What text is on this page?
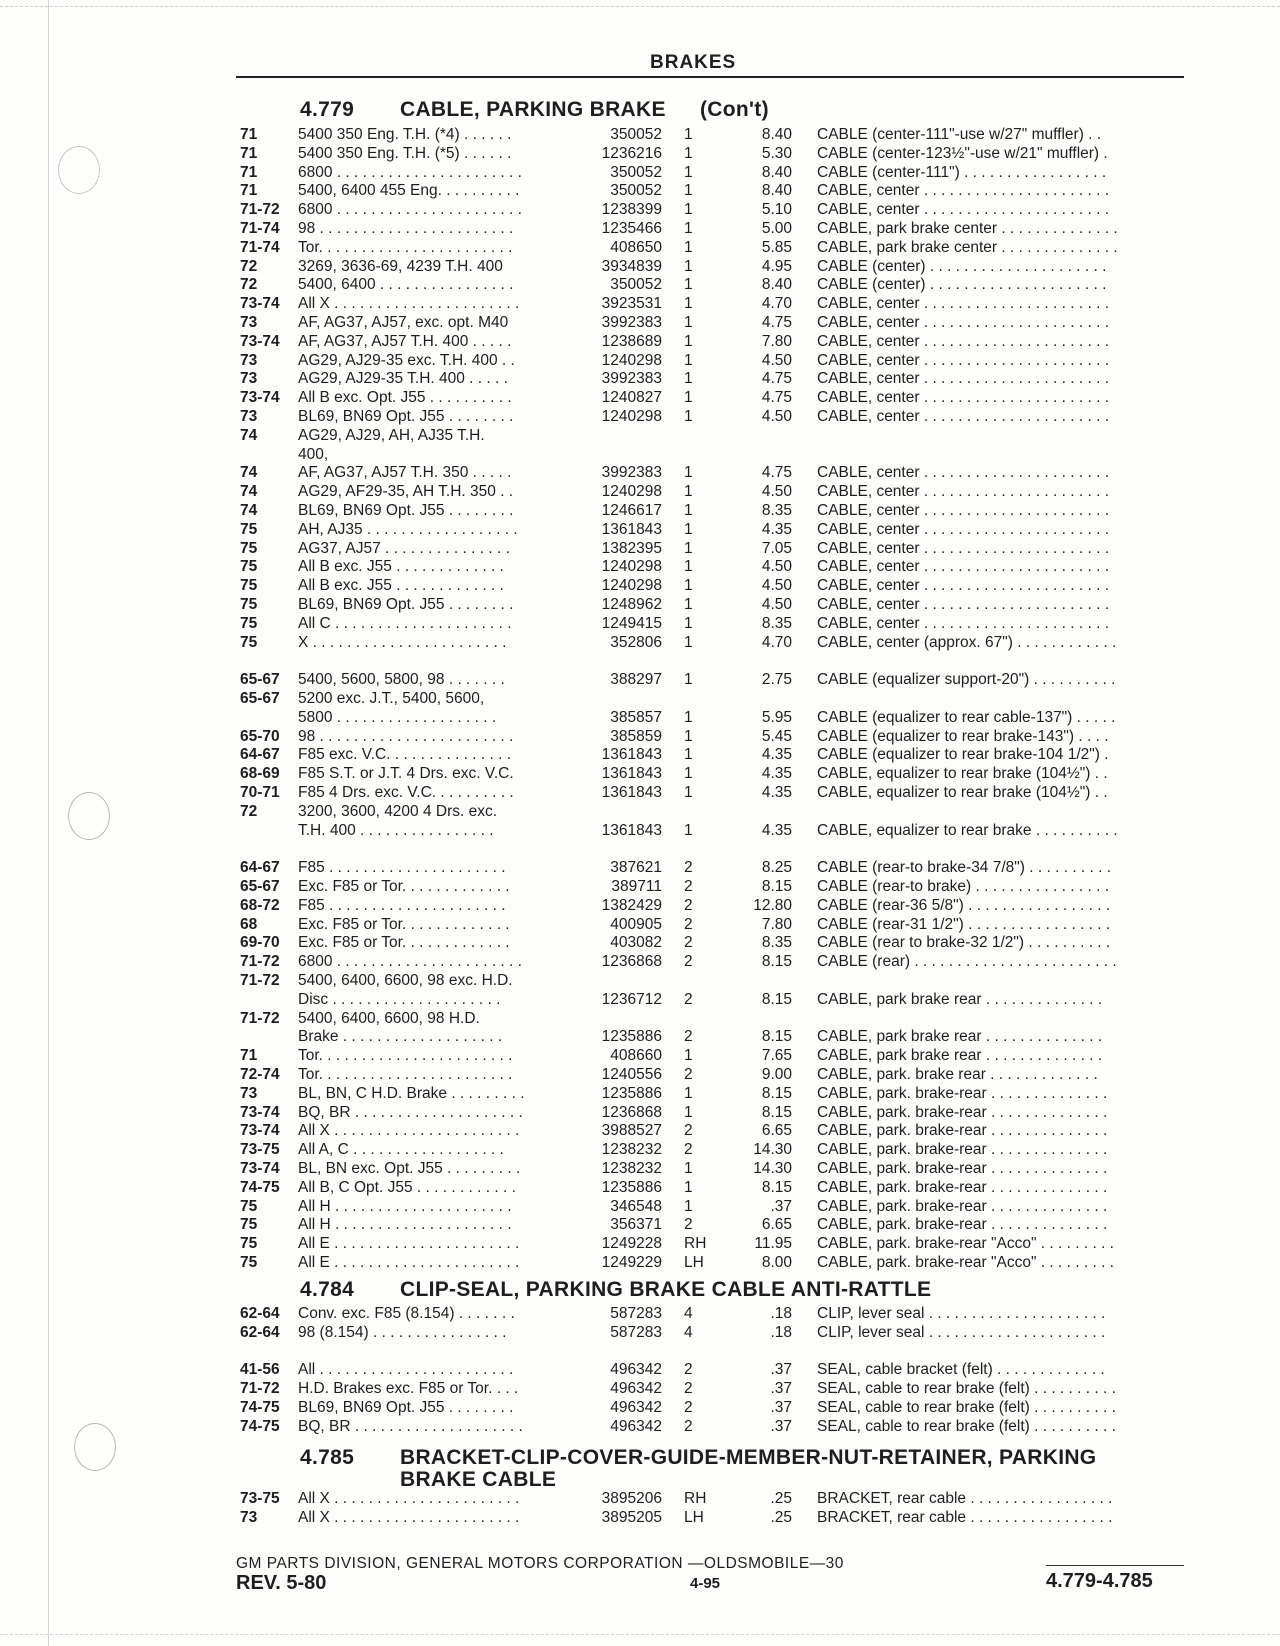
BRAKES
4.779 CABLE, PARKING BRAKE (Con't)
71	5400 350 Eng. T.H. (*4) . . . . . .	350052 1	8.40 CABLE (center-111"-use w/27" muffler) . .
71	5400 350 Eng. T.H. (*5) . . . . . .	1236216 1	5.30 CABLE (center-123½"-use w/21" muffler) .
71	6800 . . . . . . . . . . . . . . . . . . . . . .	350052 1	8.40 CABLE (center-111") . . . . . . . . . . . . . . . . .
71	5400, 6400 455 Eng. . . . . . . . . .	350052 1	8.40 CABLE, center . . . . . . . . . . . . . . . . . . . . . .
71-72 6800 . . . . . . . . . . . . . . . . . . . . . .	1238399 1	5.10 CABLE, center . . . . . . . . . . . . . . . . . . . . . .
71-74 98 . . . . . . . . . . . . . . . . . . . . . . .	1235466 1	5.00 CABLE, park brake center . . . . . . . . . . . . . .
71-74 Tor. . . . . . . . . . . . . . . . . . . . . . .	408650 1	5.85 CABLE, park brake center . . . . . . . . . . . . . .
72	3269, 3636-69, 4239 T.H. 400	3934839 1	4.95 CABLE (center) . . . . . . . . . . . . . . . . . . . . .
72	5400, 6400 . . . . . . . . . . . . . . . .	350052 1	8.40 CABLE (center) . . . . . . . . . . . . . . . . . . . . .
73-74 All X . . . . . . . . . . . . . . . . . . . . . .	3923531 1	4.70 CABLE, center . . . . . . . . . . . . . . . . . . . . . .
73	AF, AG37, AJ57, exc. opt. M40	3992383 1	4.75 CABLE, center . . . . . . . . . . . . . . . . . . . . . .
73-74 AF, AG37, AJ57 T.H. 400 . . . . .	1238689 1	7.80 CABLE, center . . . . . . . . . . . . . . . . . . . . . .
73	AG29, AJ29-35 exc. T.H. 400 . .	1240298 1	4.50 CABLE, center . . . . . . . . . . . . . . . . . . . . . .
73	AG29, AJ29-35 T.H. 400 . . . . .	3992383 1	4.75 CABLE, center . . . . . . . . . . . . . . . . . . . . . .
73-74 All B exc. Opt. J55 . . . . . . . . . .	1240827 1	4.75 CABLE, center . . . . . . . . . . . . . . . . . . . . . .
73	BL69, BN69 Opt. J55 . . . . . . . .	1240298 1	4.50 CABLE, center . . . . . . . . . . . . . . . . . . . . . .
74	AG29, AJ29, AH, AJ35 T.H.
400,
74	AF, AG37, AJ57 T.H. 350 . . . . .	3992383 1	4.75 CABLE, center . . . . . . . . . . . . . . . . . . . . . .
74	AG29, AF29-35, AH T.H. 350 . .	1240298 1	4.50 CABLE, center . . . . . . . . . . . . . . . . . . . . . .
74	BL69, BN69 Opt. J55 . . . . . . . .	1246617 1	8.35 CABLE, center . . . . . . . . . . . . . . . . . . . . . .
75	AH, AJ35 . . . . . . . . . . . . . . . . . .	1361843 1	4.35 CABLE, center . . . . . . . . . . . . . . . . . . . . . .
75	AG37, AJ57 . . . . . . . . . . . . . . .	1382395 1	7.05 CABLE, center . . . . . . . . . . . . . . . . . . . . . .
75	All B exc. J55 . . . . . . . . . . . . .	1240298 1	4.50 CABLE, center . . . . . . . . . . . . . . . . . . . . . .
75	All B exc. J55 . . . . . . . . . . . . .	1240298 1	4.50 CABLE, center . . . . . . . . . . . . . . . . . . . . . .
75	BL69, BN69 Opt. J55 . . . . . . . .	1248962 1	4.50 CABLE, center . . . . . . . . . . . . . . . . . . . . . .
75	All C . . . . . . . . . . . . . . . . . . . . .	1249415 1	8.35 CABLE, center . . . . . . . . . . . . . . . . . . . . . .
75	X . . . . . . . . . . . . . . . . . . . . . . .	352806 1	4.70 CABLE, center (approx. 67") . . . . . . . . . . . .
65-67 5400, 5600, 5800, 98 . . . . . . .	388297 1	2.75 CABLE (equalizer support-20") . . . . . . . . . .
65-67 5200 exc. J.T., 5400, 5600,
5800 . . . . . . . . . . . . . . . . . . .	385857 1	5.95 CABLE (equalizer to rear cable-137") . . . . .
65-70 98 . . . . . . . . . . . . . . . . . . . . . . .	385859 1	5.45 CABLE (equalizer to rear brake-143") . . . .
64-67 F85 exc. V.C. . . . . . . . . . . . . . .	1361843 1	4.35 CABLE (equalizer to rear brake-104 1/2") .
68-69 F85 S.T. or J.T. 4 Drs. exc. V.C.	1361843 1	4.35 CABLE, equalizer to rear brake (104½") . .
70-71 F85 4 Drs. exc. V.C. . . . . . . . . .	1361843 1	4.35 CABLE, equalizer to rear brake (104½") . .
72	3200, 3600, 4200 4 Drs. exc.
T.H. 400 . . . . . . . . . . . . . . . .	1361843 1	4.35 CABLE, equalizer to rear brake . . . . . . . . . .
64-67 F85 . . . . . . . . . . . . . . . . . . . . .	387621 2	8.25 CABLE (rear-to brake-34 7/8") . . . . . . . . . .
65-67 Exc. F85 or Tor. . . . . . . . . . . . .	389711 2	8.15 CABLE (rear-to brake) . . . . . . . . . . . . . . . .
68-72 F85 . . . . . . . . . . . . . . . . . . . . .	1382429 2	12.80 CABLE (rear-36 5/8") . . . . . . . . . . . . . . . . .
68	Exc. F85 or Tor. . . . . . . . . . . . .	400905 2	7.80 CABLE (rear-31 1/2") . . . . . . . . . . . . . . . . .
69-70 Exc. F85 or Tor. . . . . . . . . . . . .	403082 2	8.35 CABLE (rear to brake-32 1/2") . . . . . . . . . .
71-72 6800 . . . . . . . . . . . . . . . . . . . . . .	1236868 2	8.15 CABLE (rear) . . . . . . . . . . . . . . . . . . . . . . . .
71-72 5400, 6400, 6600, 98 exc. H.D.
Disc . . . . . . . . . . . . . . . . . . . .	1236712 2	8.15 CABLE, park brake rear . . . . . . . . . . . . . .
71-72 5400, 6400, 6600, 98 H.D.
Brake . . . . . . . . . . . . . . . . . . .	1235886 2	8.15 CABLE, park brake rear . . . . . . . . . . . . . .
71	Tor. . . . . . . . . . . . . . . . . . . . . . .	408660 1	7.65 CABLE, park brake rear . . . . . . . . . . . . . .
72-74 Tor. . . . . . . . . . . . . . . . . . . . . . .	1240556 2	9.00 CABLE, park. brake rear . . . . . . . . . . . . .
73	BL, BN, C H.D. Brake . . . . . . . . .	1235886 1	8.15 CABLE, park. brake-rear . . . . . . . . . . . . . .
73-74 BQ, BR . . . . . . . . . . . . . . . . . . . .	1236868 1	8.15 CABLE, park. brake-rear . . . . . . . . . . . . . .
73-74 All X . . . . . . . . . . . . . . . . . . . . . .	3988527 2	6.65 CABLE, park. brake-rear . . . . . . . . . . . . . .
73-75 All A, C . . . . . . . . . . . . . . . . . .	1238232 2	14.30 CABLE, park. brake-rear . . . . . . . . . . . . . .
73-74 BL, BN exc. Opt. J55 . . . . . . . . .	1238232 1	14.30 CABLE, park. brake-rear . . . . . . . . . . . . . .
74-75 All B, C Opt. J55 . . . . . . . . . . . .	1235886 1	8.15 CABLE, park. brake-rear . . . . . . . . . . . . . .
75	All H . . . . . . . . . . . . . . . . . . . . .	346548 1	.37 CABLE, park. brake-rear . . . . . . . . . . . . . .
75	All H . . . . . . . . . . . . . . . . . . . . .	356371 2	6.65 CABLE, park. brake-rear . . . . . . . . . . . . . .
75	All E . . . . . . . . . . . . . . . . . . . . . .	1249228 RH	11.95 CABLE, park. brake-rear "Acco" . . . . . . . . .
75	All E . . . . . . . . . . . . . . . . . . . . . .	1249229 LH	8.00 CABLE, park. brake-rear "Acco" . . . . . . . . .
4.784 CLIP-SEAL, PARKING BRAKE CABLE ANTI-RATTLE
62-64 Conv. exc. F85 (8.154) . . . . . . .	587283 4	.18 CLIP, lever seal . . . . . . . . . . . . . . . . . . . . .
62-64 98 (8.154) . . . . . . . . . . . . . . . .	587283 4	.18 CLIP, lever seal . . . . . . . . . . . . . . . . . . . . .
41-56 All . . . . . . . . . . . . . . . . . . . . . . .	496342 2	.37 SEAL, cable bracket (felt) . . . . . . . . . . . . .
71-72 H.D. Brakes exc. F85 or Tor. . . .	496342 2	.37 SEAL, cable to rear brake (felt) . . . . . . . . . .
74-75 BL69, BN69 Opt. J55 . . . . . . . .	496342 2	.37 SEAL, cable to rear brake (felt) . . . . . . . . . .
74-75 BQ, BR . . . . . . . . . . . . . . . . . . . .	496342 2	.37 SEAL, cable to rear brake (felt) . . . . . . . . . .
4.785 BRACKET-CLIP-COVER-GUIDE-MEMBER-NUT-RETAINER, PARKING
BRAKE CABLE
73-75 All X . . . . . . . . . . . . . . . . . . . . . .	3895206 RH	.25 BRACKET, rear cable . . . . . . . . . . . . . . . . .
73	All X . . . . . . . . . . . . . . . . . . . . . .	3895205 LH	.25 BRACKET, rear cable . . . . . . . . . . . . . . . . .
GM PARTS DIVISION, GENERAL MOTORS CORPORATION —OLDSMOBILE—30
REV. 5-80	4-95	4.779-4.785
